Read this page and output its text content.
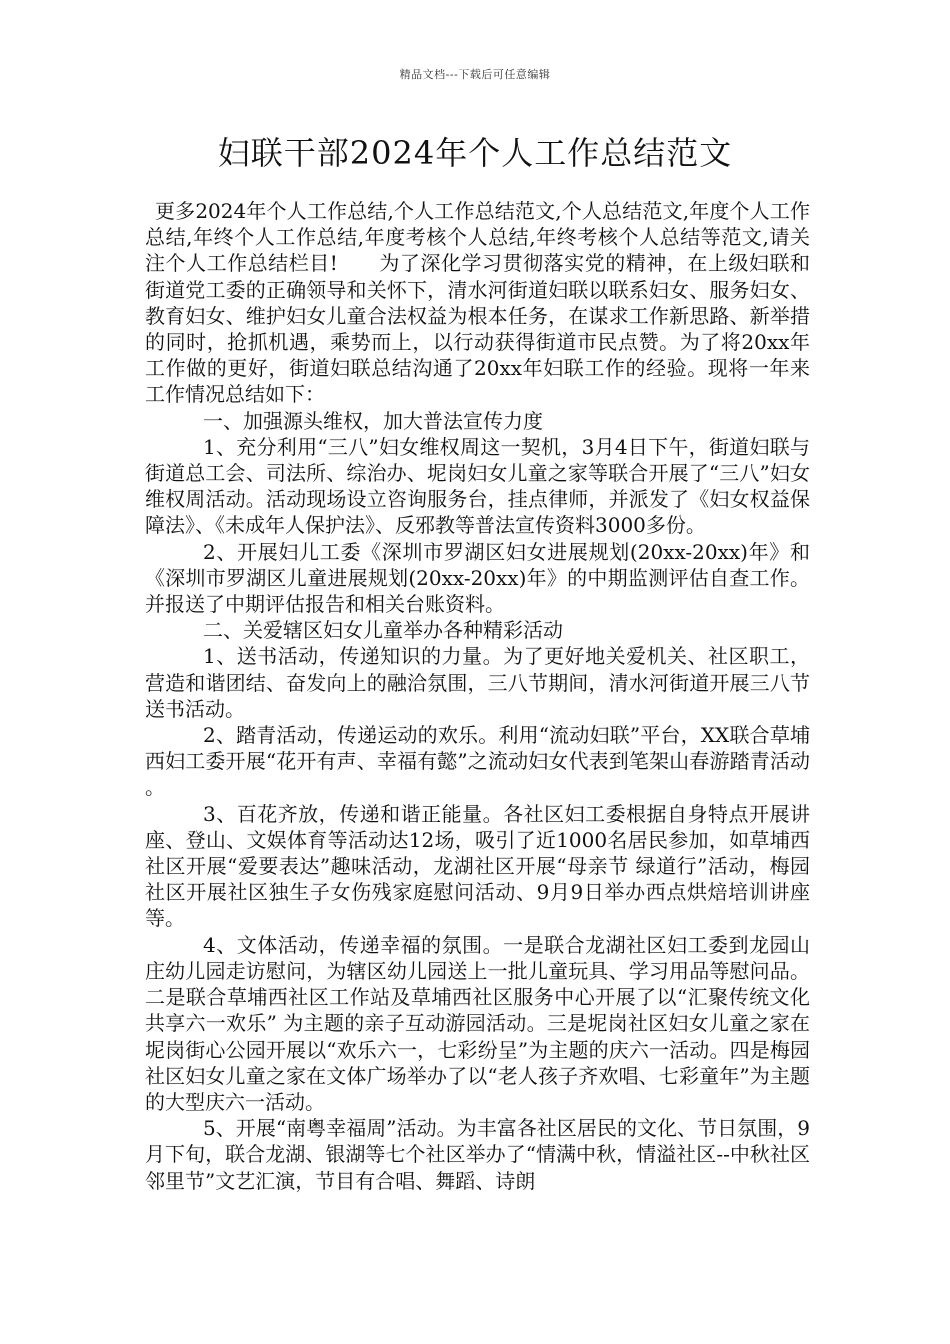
精品文档---下载后可任意编辑
妇联干部2024年个人工作总结范文

更多2024年个人工作总结,个人工作总结范文,个人总结范文,年度个人工作总结,年终个人工作总结,年度考核个人总结,年终考核个人总结等范文,请关注个人工作总结栏目!　　为了深化学习贯彻落实党的精神，在上级妇联和街道党工委的正确领导和关怀下，清水河街道妇联以联系妇女、服务妇女、教育妇女、维护妇女儿童合法权益为根本任务，在谋求工作新思路、新举措的同时，抢抓机遇，乘势而上，以行动获得街道市民点赞。为了将20xx年工作做的更好，街道妇联总结沟通了20xx年妇联工作的经验。现将一年来工作情况总结如下：

一、加强源头维权，加大普法宣传力度

1、充分利用“三八”妇女维权周这一契机，3月4日下午，街道妇联与街道总工会、司法所、综治办、坭岗妇女儿童之家等联合开展了“三八”妇女维权周活动。活动现场设立咨询服务台，挂点律师，并派发了《妇女权益保障法》、《未成年人保护法》、反邪教等普法宣传资料3000多份。

2、开展妇儿工委《深圳市罗湖区妇女进展规划(20xx-20xx)年》和《深圳市罗湖区儿童进展规划(20xx-20xx)年》的中期监测评估自查工作。并报送了中期评估报告和相关台账资料。

二、关爱辖区妇女儿童举办各种精彩活动

1、送书活动，传递知识的力量。为了更好地关爱机关、社区职工，营造和谐团结、奋发向上的融洽氛围，三八节期间，清水河街道开展三八节送书活动。

2、踏青活动，传递运动的欢乐。利用“流动妇联”平台，XX联合草埔西妇工委开展“花开有声、幸福有懿”之流动妇女代表到笔架山春游踏青活动。

3、百花齐放，传递和谐正能量。各社区妇工委根据自身特点开展讲座、登山、文娱体育等活动达12场，吸引了近1000名居民参加，如草埔西社区开展“爱要表达”趣味活动，龙湖社区开展“母亲节 绿道行”活动，梅园社区开展社区独生子女伤残家庭慰问活动、9月9日举办西点烘焙培训讲座等。

4、文体活动，传递幸福的氛围。一是联合龙湖社区妇工委到龙园山庄幼儿园走访慰问，为辖区幼儿园送上一批儿童玩具、学习用品等慰问品。二是联合草埔西社区工作站及草埔西社区服务中心开展了以“汇聚传统文化 共享六一欢乐” 为主题的亲子互动游园活动。三是坭岗社区妇女儿童之家在坭岗街心公园开展以“欢乐六一，七彩纷呈”为主题的庆六一活动。四是梅园社区妇女儿童之家在文体广场举办了以“老人孩子齐欢唱、七彩童年”为主题的大型庆六一活动。

5、开展“南粤幸福周”活动。为丰富各社区居民的文化、节日氛围，9月下旬，联合龙湖、银湖等七个社区举办了“情满中秋，情溢社区--中秋社区邻里节”文艺汇演，节目有合唱、舞蹈、诗朗
